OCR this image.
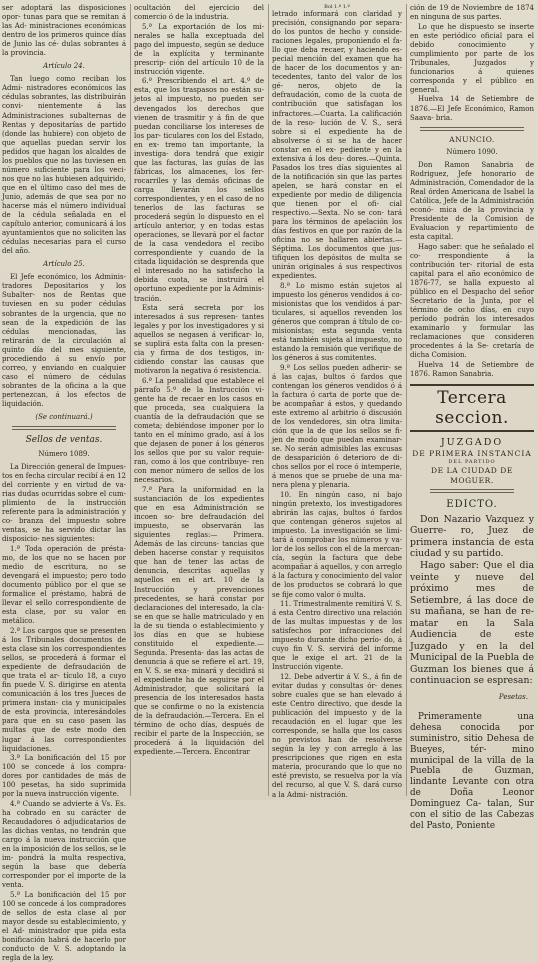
ser adoptará las disposiciones opor- tunas para que se remitan á las Ad- ministraciones económicas dentro de los primeros quince días de Junio las cé- dulas sobrantes á la provincia.

Artículo 24.

Tan luego como reciban los Admi- nistradores económicos las cédulas sobrantes, las distribuirán convi- nientemente á las Administraciones subalternas de Rentas y depositarías de partido (donde las hubiere) con objeto de que aquellas puedan servir los pedidos que hagan los alcaldes de los pueblos que no las tuviesen en número suficiente para los veci- nos que no las hubiesen adquirido, que en el último caso del mes de Junio, además de que sea por no hacerse más el número individual de la cédula señalada en el capítulo anterior, comunicará á los ayuntamientos que no soliciten las cédulas necesarias para el curso del año.

Artículo 25.

El Jefe económico, los Adminis- tradores Depositarios y los Subalter- nos de Rentas que tuviesen en su poder cédulas sobrantes de la urgencia, que no sean de la expedición de las cédulas mencionadas, las retirarán de la circulación al quinto día del mes siguiente, procediendo á su envío por correo, y enviando en cualquier caso el número de cédulas sobrantes de la oficina a la que pertenezcan, á los efectos de liquidación.

(Se continuará.)

Sellos de ventas.

Número 1089.

La Dirección general de Impues- tos en fecha circular recibí á en 12 del corriente y en virtud de va- rias dudas ocurridas sobre el cum- plimiento de la instrucción referente para la administración y co- branza del impuesto sobre ventas, se ha servido dictar las disposicio- nes siguientes:

1.ª Toda operación de présta- mo, de los que no se hacen por medio de escritura, no se devengará el impuesto; pero todo documento público por el que se formalice el préstamo, habrá de llevar el sello correspondiente de esta clase, por su valor en metálico.

2.ª Los cargos que se presenten á los Tribunales documentos de esta clase sin los correspondientes sellos, se procederá á formar el expediente de defraudación de que trata el ar- tículo 18, a cuyo fin puede V. S. dirigirse en atenta comunicación á los tres Jueces de primera instan- cia y municipales de esta provincia, interesándoles para que en su caso pasen las multas que de este modo den lugar á las correspondientes liquidaciones.

3.ª La bonificación del 15 por 100 se concede á los compra- dores por cantidades de más de 100 pesetas, ha sido suprimida por la nueva instrucción vigente.

4.ª Cuando se advierte á Vs. Es. ha cobrado en su carácter de Recaudadores ó adjudicatarios de las dichas ventas, no tendrán que cargo á la nueva instrucción que en la imposición de los sellos, se le im- pondrá la multa respectiva, según la base que debería corresponder por el importe de la venta.

5.ª La bonificación del 15 por 100 se concede á los compradores de sellos de esta clase al por mayor desde su establecimiento, y el Ad- ministrador que pida esta bonificación habrá de hacerlo por conducto de V. S. adoptando la regla de la ley.

ocultación del ejercicio del comercio ó de la industria.

5.ª La exportación de los mi- nerales se halla exceptuada del pago del impuesto, según se deduce de la explícita y terminante prescrip- ción del artículo 10 de la instrucción vigente.

6.ª Prescribiendo el art. 4.º de esta, que los traspasos no están su- jetos al impuesto, no pueden ser devengados los derechos que vienen de trasmitir y á fin de que puedan conciliarse los intereses de los par- ticulares con los del Estado, en ex- tremo tan importante, la investiga- dora tendrá que exigir que las facturas, las guías de las fábricas, los almacenes, los fer- rocarriles y las demás oficinas de carga llevarán los sellos correspondientes, y en el caso de no tenerlos de las facturas se procederá según lo dispuesto en el artículo anterior, y en todas estas operaciones, se llevará por el factor de la casa vendedora el recibo correspondiente y cuando de la citada liquidación se desprenda que el interesado no ha satisfecho la debida cuota, se instruirá el oportuno expediente por la Adminis- tración.

Esta será secreta por los interesados á sus represen- tantes legales y por los investigadores y si aquellos se negasen á verificar- lo, se suplirá esta falta con la presen- cia y firma de dos testigos, in- cidiendo constar las causas que motivaron la negativa ó resistencia.

6.ª La penalidad que establece el párrafo 5.º de la Instrucción vi- gente ha de recaer en los casos en que proceda, sea cualquiera la cuantía de la defraudación que se cometa; debiéndose imponer por lo tanto en el mínimo grado, así á los que dejasen de poner á los géneros los sellos que por su valor requie- ran, como á los que contribuye- ren con menor número de sellos de los necesarios.

7.ª Para la uniformidad en la sustanciación de los expedientes que en esa Administración se incoen so- bre defraudación del impuesto, se observarán las siguientes reglas:— Primera. Además de las circuns- tancias que deben hacerse constar y requisitos que han de tener las actas de denuncia, descritas aquellas y aquellos en el art. 10 de la Instrucción y prevenciones precedentes, se hará constar por declaraciones del interesado, la cla- se en que se halle matriculado y en la de su tienda o establecimiento y los días en que se hubiese constituido el expediente.—Segunda. Presenta- das las actas de denuncia á que se refiere el art. 19, en V. S. se exa- minará y decidirá si el expediente ha de seguirse por el Administrador, que solicitará la presencia de los interesados hasta que se confirme o no la existencia de la defraudación.—Tercera. En el término de ocho días, después de recibir el parte de la Inspección, se procederá á la liquidación del expediente.—Tercera. Encontrar

Bol 1.º 1.º

letrado informará con claridad y precisión, consignando por separa- do los puntos de hecho y conside- raciones legales, proponiendo el fa- llo que deba recaer, y haciendo es- pecial mención del examen que ha de hacer de los documentos y an- tecedentes, tanto del valor de los gé- neros, objeto de la defraudación, como de la cuota de contribución que satisfagan los infractores.—Cuarta. La calificación de la reso- lución de V. S., será sobre si el expediente ha de absolverse ó si se ha de hacer constar en el ex- pediente y en la extensiva á los deu- dores.—Quinta. Pasados los tres días siguientes al de la notificación sin que las partes apelen, se hará constar en el expediente por medio de diligencia que tienen por el ofi- cial respectivo.—Sexta. No se con- tará para los términos de apelación los días festivos en que por razón de la oficina no se hallaren abiertas.—Séptima. Los documentos que jus- tifiquen los depósitos de multa se unirán originales á sus respectivos expedientes.

8.ª Lo mismo están sujetos al impuesto los géneros vendidos á co- misionistas que los vendidos á par- ticulares, si aquellos revenden los géneros que compran á título de co- misionistas; esta segunda venta está también sujeta al impuesto, no estando la remisión que verifique de los géneros á sus comitentes.

9.ª Los sellos pueden adherir- se á las cajas, bultos ó fardos que contengan los géneros vendidos ó á la factura ó carta de porte que de- be acompañar á estos, y quedando este extremo al arbitrio ó discusión de los vendedores, sin otra limita- ción que la de que los sellos se fi- jen de modo que puedan examinar- se. No serán admisibles las excusas de desaparición ó deterioro de di- chos sellos por el roce ó intemperie, á menos que se pruebe de una ma- nera plena y plenaria.

10. En ningún caso, ni bajo ningún pretexto, los investigadores abrirán las cajas, bultos ó fardos que contengan géneros sujetos al impuesto. La investigación se limi- tará á comprobar los números y va- lor de los sellos con el de la mercan- cía, según la factura que debe acompañar á aquellos, y con arreglo á la factura y conocimiento del valor de los productos se cobrará lo que se fije como valor ó multa.

11. Trimestralmente remitirá V. S. á esta Centro directivo una relación de las multas impuestas y de los satisfechos por infracciones del impuesto durante dicho perío- do, á cuyo fin V. S. servirá del informe que le exige el art. 21 de la Instrucción vigente.

12. Debe advertir á V. S., á fin de evitar dudas y consultas ór- denes sobre cuales que se han elevado á este Centro directivo, que desde la publicación del impuesto y de la recaudación en el lugar que les corresponde, se halla que los casos no previstos han de resolverse según la ley y con arreglo á las prescripciones que rigen en esta materia, procurando que lo que no esté previsto, se resuelva por la vía del recurso, al que V. S. dará curso a la Admi- nistración.

ción de 19 de Noviembre de 1874 en ninguna de sus partes.

Lo que he dispuesto se inserte en este periódico oficial para el debido conocimiento y cumplimiento por parte de los Tribunales, Juzgados y funcionarios á quienes corresponda y el público en general.

Huelva 14 de Setiembre de 1876.—El Jefe Económico, Ramon Saava- bria.

ANUNCIO.

Número 1090.

Don Ramon Sanabria de Rodriguez, Jefe honorario de Administración, Comendador de la Real órden Americana de Isabel la Católica, Jefe de la Administración econó- mica de la provincia y Presidente de la Comision de Evaluacion y repartimiento de esta capital.

Hago saber: que he señalado el co- rrespondiente á la contribución ter- ritorial de esta capital para el año económico de 1876-77, se halla expuesto al público en el Despacho del señor Secretario de la Junta, por el término de ocho días, en cuyo período podrán los interesados examinarlo y formular las reclamaciones que consideren procedentes á la Se- cretaría de dicha Comision.

Huelva 14 de Setiembre de 1876. Ramon Sanabria.

Tercera seccion.
JUZGADO
DE PRIMERA INSTANCIA
DEL PARTIDO
DE LA CIUDAD DE MOGUER.
EDICTO.

Don Nazario Vazquez y Guerre- ro, Juez de primera instancia de esta ciudad y su partido.

Hago saber: Que el dia veinte y nueve del próximo mes de Setiembre, á las doce de su mañana, se han de re- matar en la Sala Audiencia de este Juzgado y en la del Municipal de la Puebla de Guzman los bienes que á continuacion se espresan:

Pesetas.

Primeramente una dehesa conocida por suministro, sitio Dehesa de Bueyes, tér- mino municipal de la villa de la Puebla de Guzman, lindante Levante con otra de Doña Leonor Dominguez Ca- talan, Sur con el sitio de las Cabezas del Pasto, Poniente
